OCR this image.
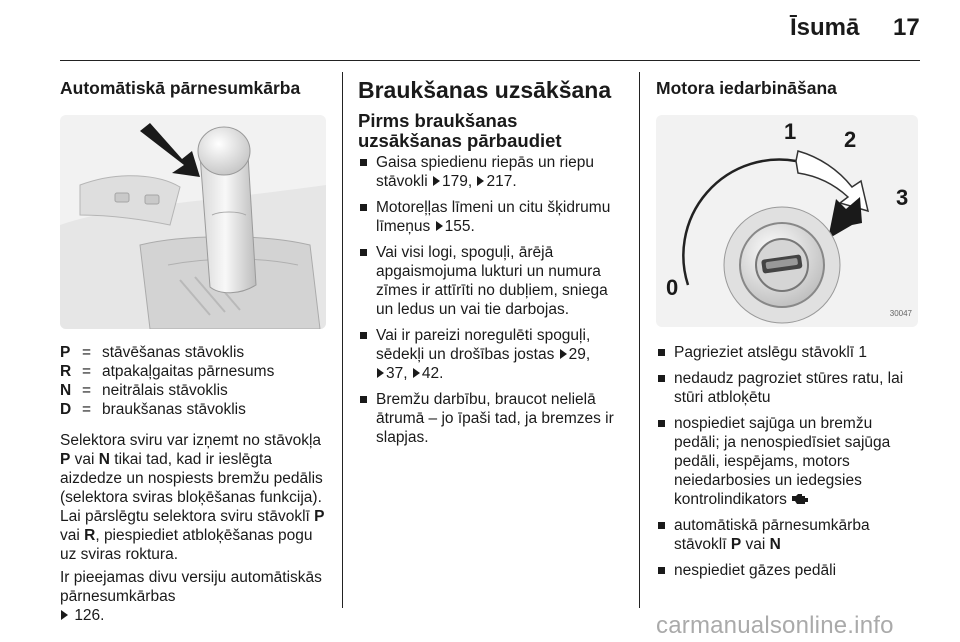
Īsumā 17
Automātiskā pārnesumkārba
P = stāvēšanas stāvoklis
R = atpakaļgaitas pārnesums
N = neitrālais stāvoklis
D = braukšanas stāvoklis

Selektora sviru var izņemt no stāvokļa P vai N tikai tad, kad ir ieslēgta aizdedze un nospiests bremžu pedālis (selektora sviras bloķēšanas funkcija). Lai pārslēgtu selektora sviru stāvoklī P vai R, piespiediet atbloķēšanas pogu uz sviras roktura.

Ir pieejamas divu versiju automātiskās pārnesumkārbas
126.

Braukšanas uzsākšana
Pirms braukšanas uzsākšanas pārbaudiet
Gaisa spiedienu riepās un riepu stāvokli 179, 217.
Motoreļļas līmeni un citu šķidrumu līmeņus 155.
Vai visi logi, spoguļi, ārējā apgaismojuma lukturi un numura zīmes ir attīrīti no dubļiem, sniega un ledus un vai tie darbojas.
Vai ir pareizi noregulēti spoguļi, sēdekļi un drošības jostas 29,
37, 42.
Bremžu darbību, braucot nelielā ātrumā – jo īpaši tad, ja bremzes ir slapjas.
Motora iedarbināšana
1 2
3
0
30047
Pagrieziet atslēgu stāvoklī 1
nedaudz pagroziet stūres ratu, lai stūri atbloķētu
nospiediet sajūga un bremžu pedāli; ja nenospiedīsiet sajūga pedāli, iespējams, motors neiedarbosies un iedegsies kontrolindikators
automātiskā pārnesumkārba stāvoklī P vai N
nespiediet gāzes pedāli
carmanualsonline.info
